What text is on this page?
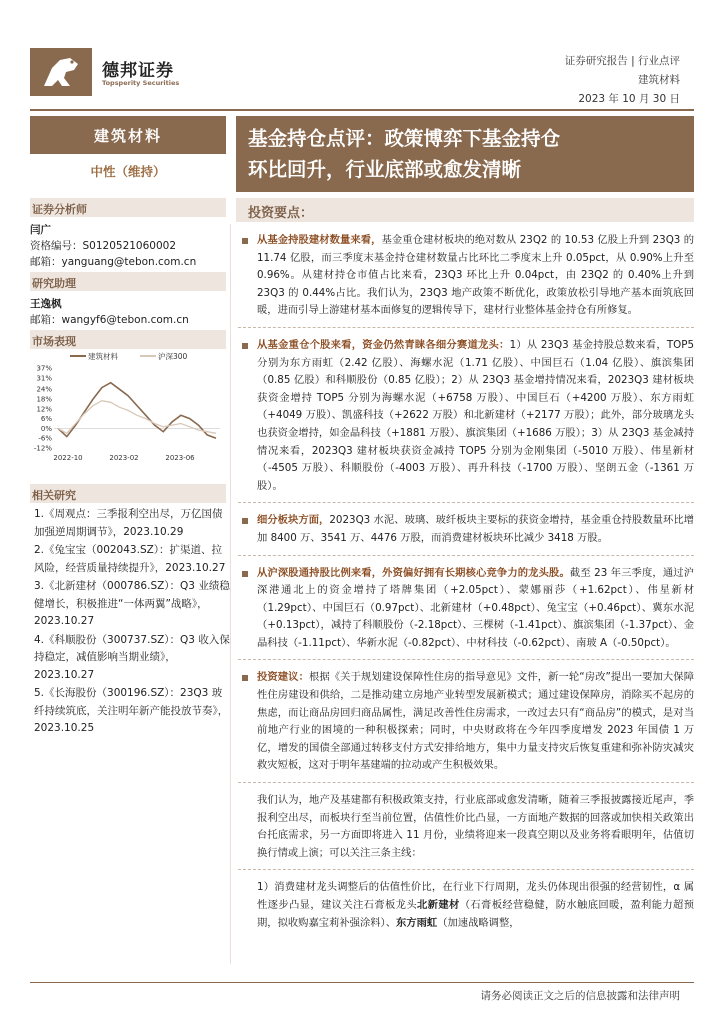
德邦证券
Topsperity Securities
证券研究报告 | 行业点评
建筑材料
2023 年 10 月 30 日
建筑材料
中性（维持）
证券分析师
闫广
资格编号：S0120521060002
邮箱：yanguang@tebon.com.cn
研究助理
王逸枫
邮箱：wangyf6@tebon.com.cn
市场表现
建筑材料	沪深300
37%
31%
24%
18%
12%
6%
0%
-6%
-12%
2022-10	2023-02	2023-06
相关研究

1.《周观点：三季报利空出尽，万亿国债加强逆周期调节》，2023.10.29

2.《兔宝宝（002043.SZ）：扩渠道、拉风险，经营质量持续提升》，2023.10.27

3.《北新建材（000786.SZ）：Q3 业绩稳健增长，积极推进“一体两翼”战略》，2023.10.27

4.《科顺股份（300737.SZ）：Q3 收入保持稳定，减值影响当期业绩》，2023.10.27

5.《长海股份（300196.SZ）：23Q3 玻纤持续筑底，关注明年新产能投放节奏》，2023.10.25

基金持仓点评：政策博弈下基金持仓
环比回升，行业底部或愈发清晰
投资要点：
从基金持股建材数量来看，基金重仓建材板块的绝对数从 23Q2 的 10.53 亿股上升到 23Q3 的 11.74 亿股，而三季度末基金持仓建材数量占比环比二季度末上升 0.05pct，从 0.90%上升至 0.96%。从建材持仓市值占比来看，23Q3 环比上升 0.04pct，由 23Q2 的 0.40%上升到 23Q3 的 0.44%占比。我们认为，23Q3 地产政策不断优化，政策放松引导地产基本面筑底回暖，进而引导上游建材基本面修复的逻辑传导下，建材行业整体基金持仓有所修复。
从基金重仓个股来看，资金仍然青睐各细分赛道龙头：1）从 23Q3 基金持股总数来看，TOP5 分别为东方雨虹（2.42 亿股）、海螺水泥（1.71 亿股）、中国巨石（1.04 亿股）、旗滨集团（0.85 亿股）和科顺股份（0.85 亿股）；2）从 23Q3 基金增持情况来看，2023Q3 建材板块获资金增持 TOP5 分别为海螺水泥（+6758 万股）、中国巨石（+4200 万股）、东方雨虹（+4049 万股）、凯盛科技（+2622 万股）和北新建材（+2177 万股）；此外，部分玻璃龙头也获资金增持，如金晶科技（+1881 万股）、旗滨集团（+1686 万股）；3）从 23Q3 基金减持情况来看，2023Q3 建材板块获资金减持 TOP5 分别为金刚集团（-5010 万股）、伟星新材（-4505 万股）、科顺股份（-4003 万股）、再升科技（-1700 万股）、坚朗五金（-1361 万股）。
细分板块方面，2023Q3 水泥、玻璃、玻纤板块主要标的获资金增持，基金重仓持股数量环比增加 8400 万、3541 万、4476 万股，而消费建材板块环比减少 3418 万股。
从沪深股通持股比例来看，外资偏好拥有长期核心竞争力的龙头股。截至 23 年三季度，通过沪深港通北上的资金增持了塔牌集团（+2.05pct）、蒙娜丽莎（+1.62pct）、伟星新材（1.29pct）、中国巨石（0.97pct）、北新建材（+0.48pct）、兔宝宝（+0.46pct）、冀东水泥（+0.13pct），减持了科顺股份（-2.18pct）、三棵树（-1.41pct）、旗滨集团（-1.37pct）、金晶科技（-1.11pct）、华新水泥（-0.82pct）、中材科技（-0.62pct）、南玻 A（-0.50pct）。
投资建议：根据《关于规划建设保障性住房的指导意见》文件，新一轮“房改”提出一要加大保障性住房建设和供给，二是推动建立房地产业转型发展新模式；通过建设保障房，消除买不起房的焦虑，而让商品房回归商品属性，满足改善性住房需求，一改过去只有“商品房”的模式，是对当前地产行业的困境的一种积极探索；同时，中央财政将在今年四季度增发 2023 年国债 1 万亿，增发的国债全部通过转移支付方式安排给地方，集中力量支持灾后恢复重建和弥补防灾减灾救灾短板，这对于明年基建端的拉动或产生积极效果。
我们认为，地产及基建都有积极政策支持，行业底部或愈发清晰，随着三季报披露接近尾声，季报利空出尽，而板块行至当前位置，估值性价比凸显，一方面地产数据的回落或加快相关政策出台托底需求，另一方面即将进入 11 月份，业绩将迎来一段真空期以及业务将看眼明年，估值切换行情或上演；可以关注三条主线：
1）消费建材龙头调整后的估值性价比，在行业下行周期，龙头仍体现出很强的经营韧性，α 属性逐步凸显，建议关注石膏板龙头北新建材（石膏板经营稳健，防水触底回暖，盈利能力超预期，拟收购嘉宝莉补强涂料）、东方雨虹（加速战略调整，
请务必阅读正文之后的信息披露和法律声明
